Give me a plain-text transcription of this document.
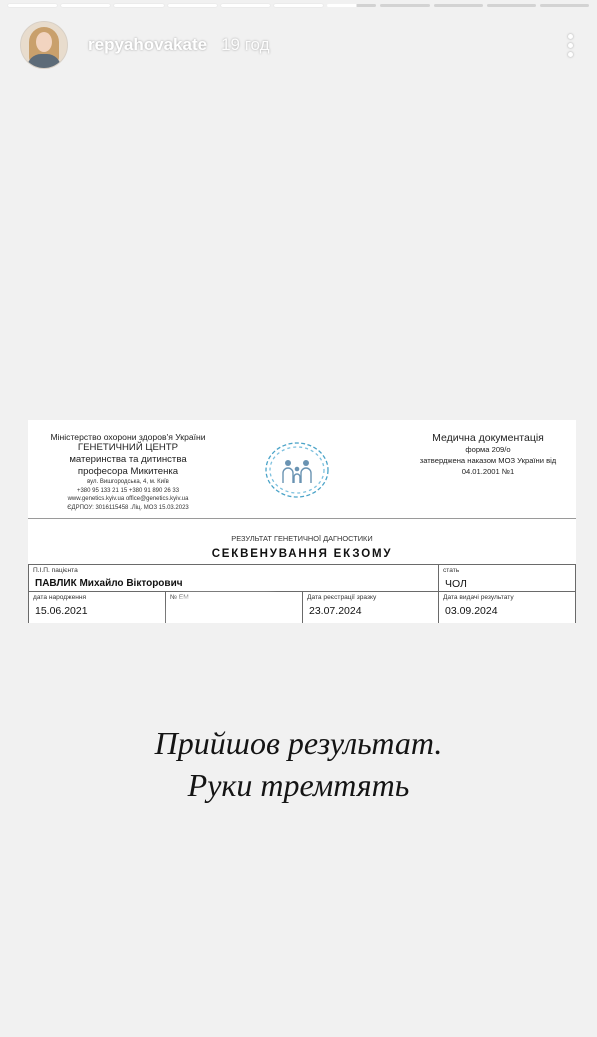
repyahovakate 19 год
Міністерство охорони здоров'я України
ГЕНЕТИЧНИЙ ЦЕНТР
материнства та дитинства
професора Микитенка
вул. Вишгородська, 4, м. Київ
+380 95 133 21 15 +380 91 890 26 33
www.genetics.kyiv.ua office@genetics.kyiv.ua
ЄДРПОУ: 3016115458 .Ліц. МОЗ 15.03.2023
Медична документація
форма 209/о
затверджена наказом МОЗ України від
04.01.2001 №1
РЕЗУЛЬТАТ ГЕНЕТИЧНОЇ ДАГНОСТИКИ
СЕКВЕНУВАННЯ ЕКЗОМУ
П.І.П. пацієнта
ПАВЛИК Михайло Вікторович
стать
ЧОЛ
дата народження
15.06.2021
№ ЕМ	Дата реєстрації зразку
23.07.2024
Дата видачі результату
03.09.2024
Прийшов результат.
Руки тремтять
